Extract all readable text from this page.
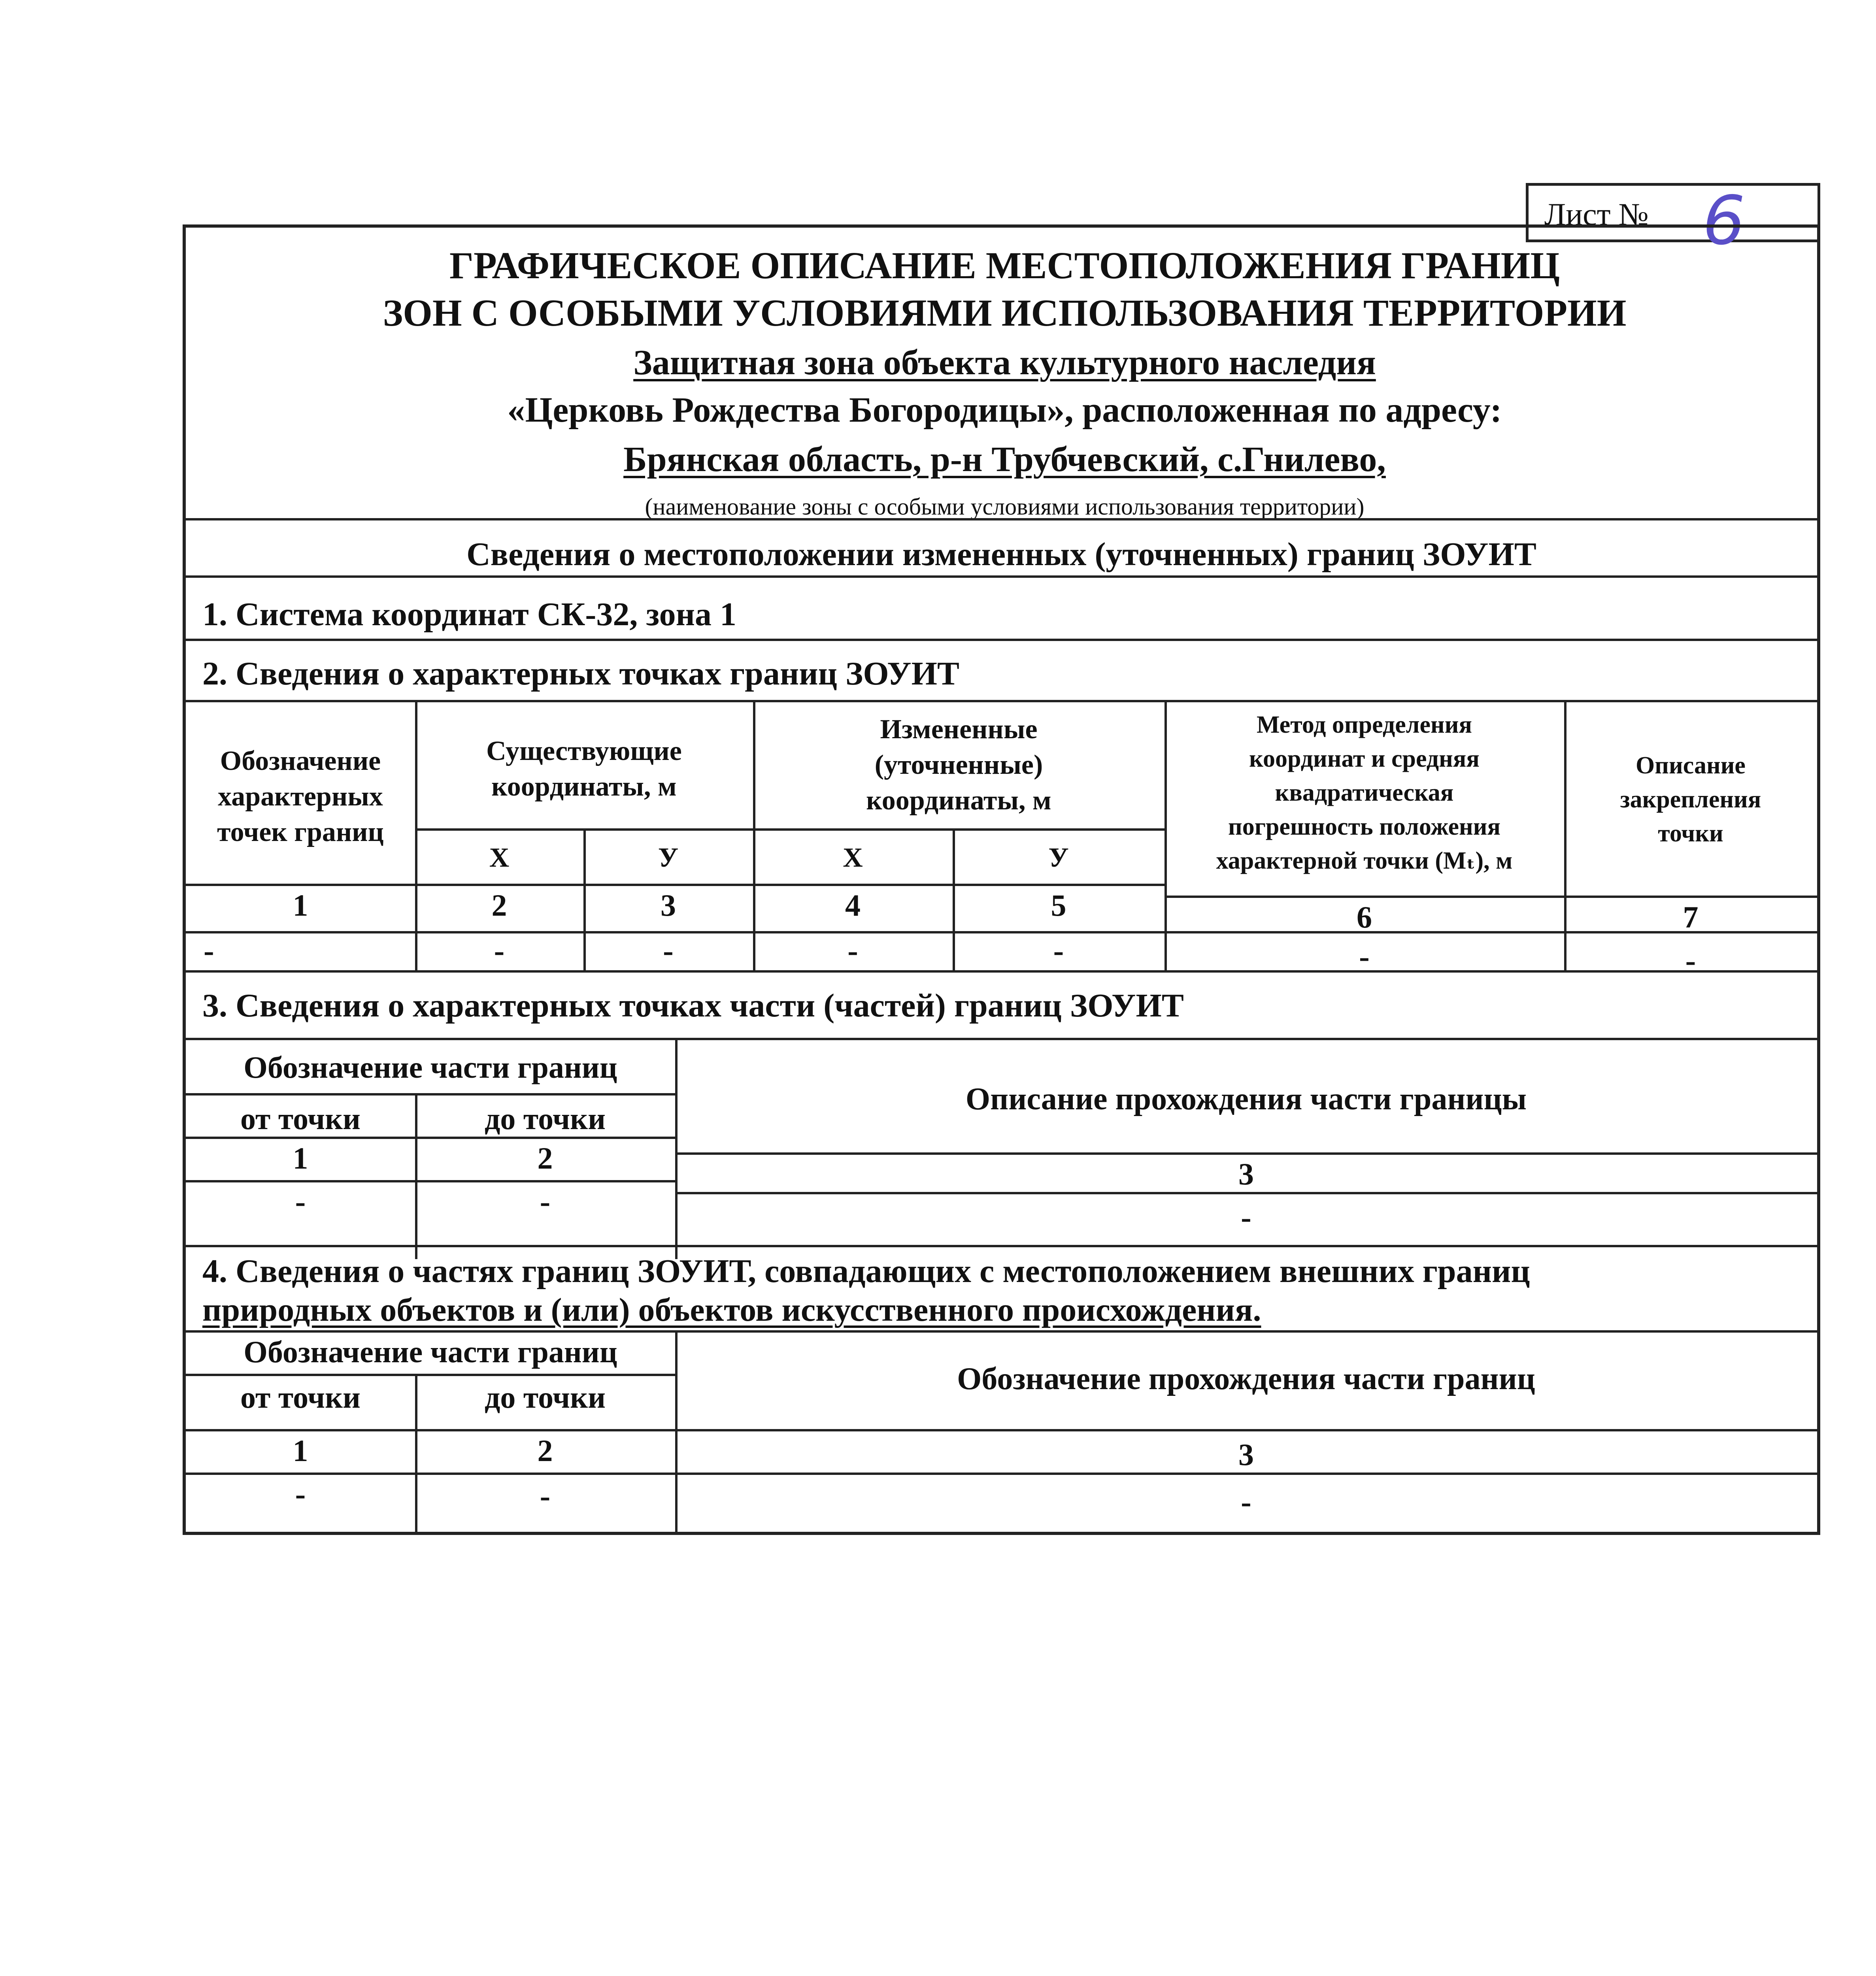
Лист № 6
ГРАФИЧЕСКОЕ ОПИСАНИЕ МЕСТОПОЛОЖЕНИЯ ГРАНИЦ
ЗОН С ОСОБЫМИ УСЛОВИЯМИ ИСПОЛЬЗОВАНИЯ ТЕРРИТОРИИ
Защитная зона объекта культурного наследия
«Церковь Рождества Богородицы», расположенная по адресу:
Брянская область, р-н Трубчевский, с.Гнилево,
(наименование зоны с особыми условиями использования территории)
Сведения о местоположении измененных (уточненных) границ ЗОУИТ
1. Система координат СК-32, зона 1
2. Сведения о характерных точках границ ЗОУИТ
Обозначение
характерных
точек границ
Существующие
координаты, м
Измененные
(уточненные)
координаты, м
Метод определения
координат и средняя
квадратическая
погрешность положения
характерной точки (Mₜ), м
Описание
закрепления
точки
Х	У	Х	У
1	2	3	4	5	6	7
-	-	-	-	-	-	-
3. Сведения о характерных точках части (частей) границ ЗОУИТ
Обозначение части границ
от точки	до точки
Описание прохождения части границы
1	2	3
-	-	-
4. Сведения о частях границ ЗОУИТ, совпадающих с местоположением внешних границ
природных объектов и (или) объектов искусственного происхождения.
Обозначение части границ
от точки	до точки
Обозначение прохождения части границ
1	2	3
-	-	-
